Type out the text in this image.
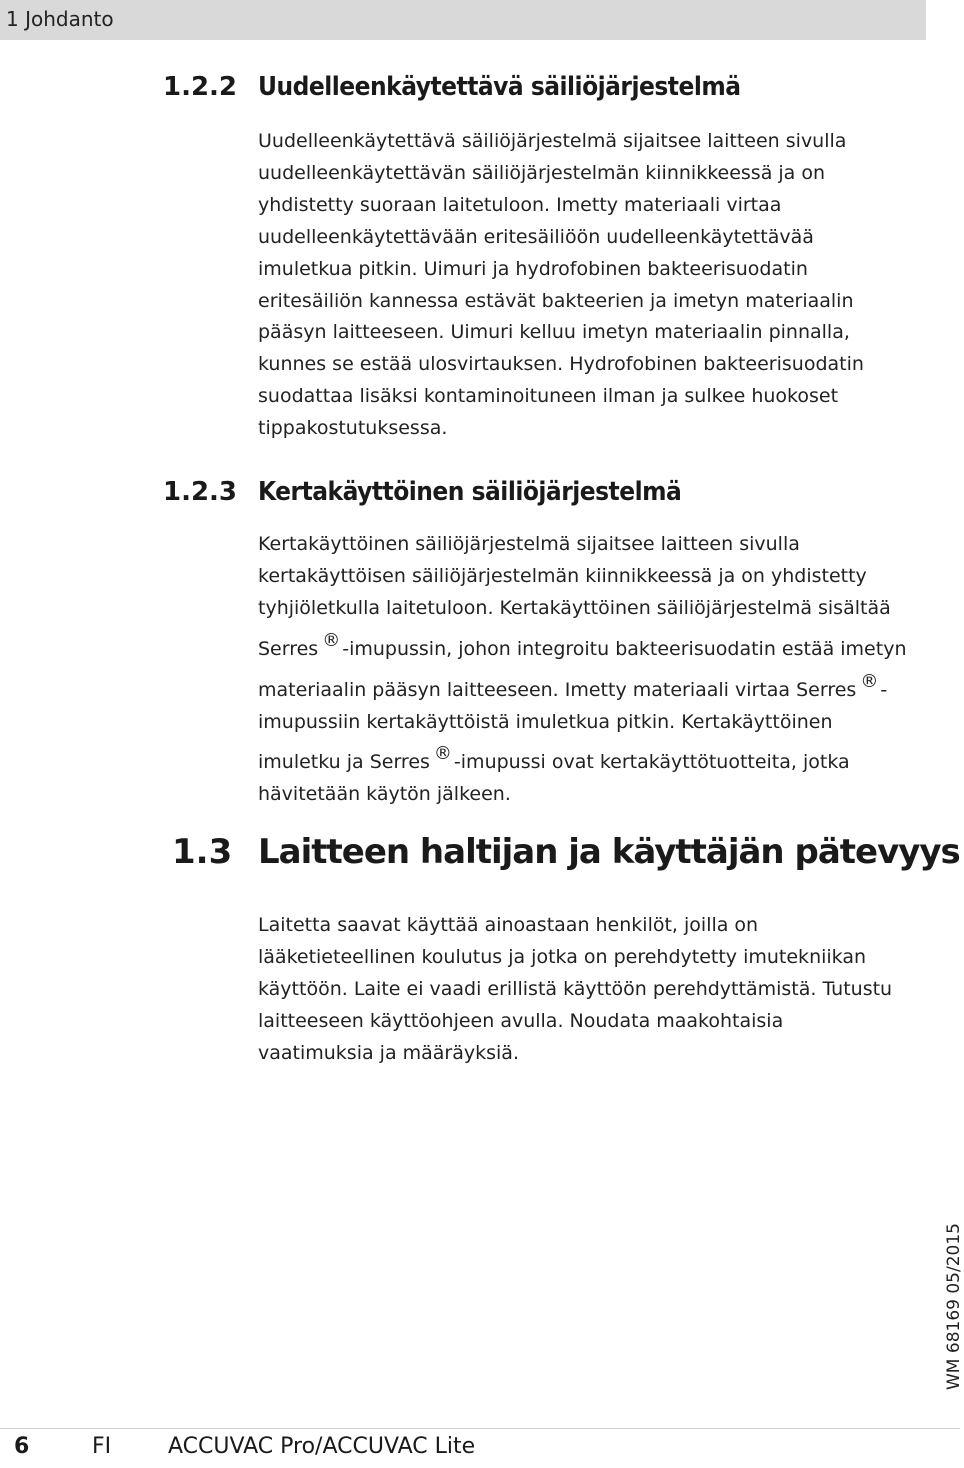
1 Johdanto
1.2.2 Uudelleenkäytettävä säiliöjärjestelmä
Uudelleenkäytettävä säiliöjärjestelmä sijaitsee laitteen sivulla
uudelleenkäytettävän säiliöjärjestelmän kiinnikkeessä ja on
yhdistetty suoraan laitetuloon. Imetty materiaali virtaa
uudelleenkäytettävään eritesäiliöön uudelleenkäytettävää
imuletkua pitkin. Uimuri ja hydrofobinen bakteerisuodatin
eritesäiliön kannessa estävät bakteerien ja imetyn materiaalin
pääsyn laitteeseen. Uimuri kelluu imetyn materiaalin pinnalla,
kunnes se estää ulosvirtauksen. Hydrofobinen bakteerisuodatin
suodattaa lisäksi kontaminoituneen ilman ja sulkee huokoset
tippakostutuksessa.
1.2.3 Kertakäyttöinen säiliöjärjestelmä
Kertakäyttöinen säiliöjärjestelmä sijaitsee laitteen sivulla
kertakäyttöisen säiliöjärjestelmän kiinnikkeessä ja on yhdistetty
tyhjiöletkulla laitetuloon. Kertakäyttöinen säiliöjärjestelmä sisältää
Serres ® -imupussin, johon integroitu bakteerisuodatin estää imetyn
materiaalin pääsyn laitteeseen. Imetty materiaali virtaa Serres ® -
imupussiin kertakäyttöistä imuletkua pitkin. Kertakäyttöinen
imuletku ja Serres ® -imupussi ovat kertakäyttötuotteita, jotka
hävitetään käytön jälkeen.
1.3 Laitteen haltijan ja käyttäjän pätevyys
Laitetta saavat käyttää ainoastaan henkilöt, joilla on
lääketieteellinen koulutus ja jotka on perehdytetty imutekniikan
käyttöön. Laite ei vaadi erillistä käyttöön perehdyttämistä. Tutustu
laitteeseen käyttöohjeen avulla. Noudata maakohtaisia
vaatimuksia ja määräyksiä.
WM 68169 05/2015
6	FI	ACCUVAC Pro/ACCUVAC Lite
